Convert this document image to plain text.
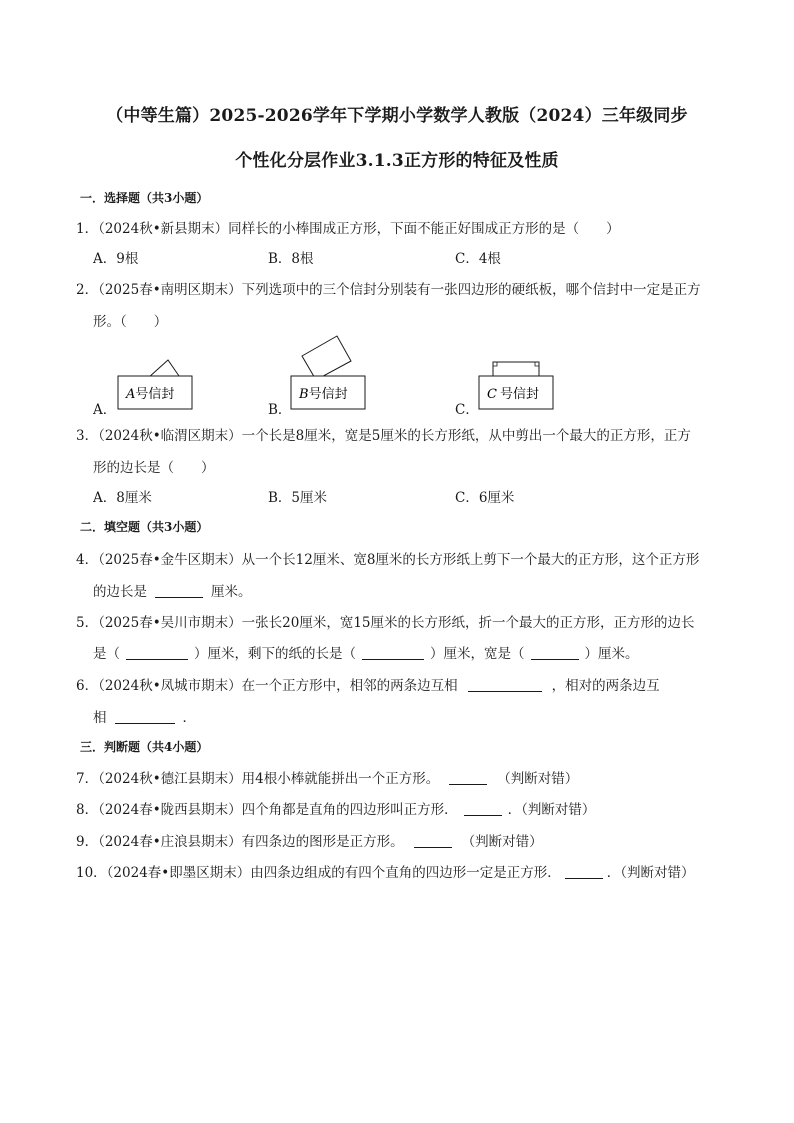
（中等生篇）2025-2026学年下学期小学数学人教版（2024）三年级同步
个性化分层作业3.1.3正方形的特征及性质
一．选择题（共3小题）
1．（2024秋•新县期末）同样长的小棒围成正方形，下面不能正好围成正方形的是（　　）
A．9根	B．8根	C．4根
2．（2025春•南明区期末）下列选项中的三个信封分别装有一张四边形的硬纸板，哪个信封中一定是正方
形。（　　）
A．	B．	C．
A号信封	B号信封	C 号信封
3．（2024秋•临渭区期末）一个长是8厘米，宽是5厘米的长方形纸，从中剪出一个最大的正方形，正方
形的边长是（　　）
A．8厘米	B．5厘米	C．6厘米
二．填空题（共3小题）
4．（2025春•金牛区期末）从一个长12厘米、宽8厘米的长方形纸上剪下一个最大的正方形，这个正方形
的边长是	厘米。
5．（2025春•吴川市期末）一张长20厘米，宽15厘米的长方形纸，折一个最大的正方形，正方形的边长
是（	）厘米，剩下的纸的长是（	）厘米，宽是（	）厘米。
6．（2024秋•凤城市期末）在一个正方形中，相邻的两条边互相	，相对的两条边互
相	．
三．判断题（共4小题）
7．（2024秋•德江县期末）用4根小棒就能拼出一个正方形。	（判断对错）
8．（2024春•陇西县期末）四个角都是直角的四边形叫正方形．	．（判断对错）
9．（2024春•庄浪县期末）有四条边的图形是正方形。	（判断对错）
10．（2024春•即墨区期末）由四条边组成的有四个直角的四边形一定是正方形．	．（判断对错）
